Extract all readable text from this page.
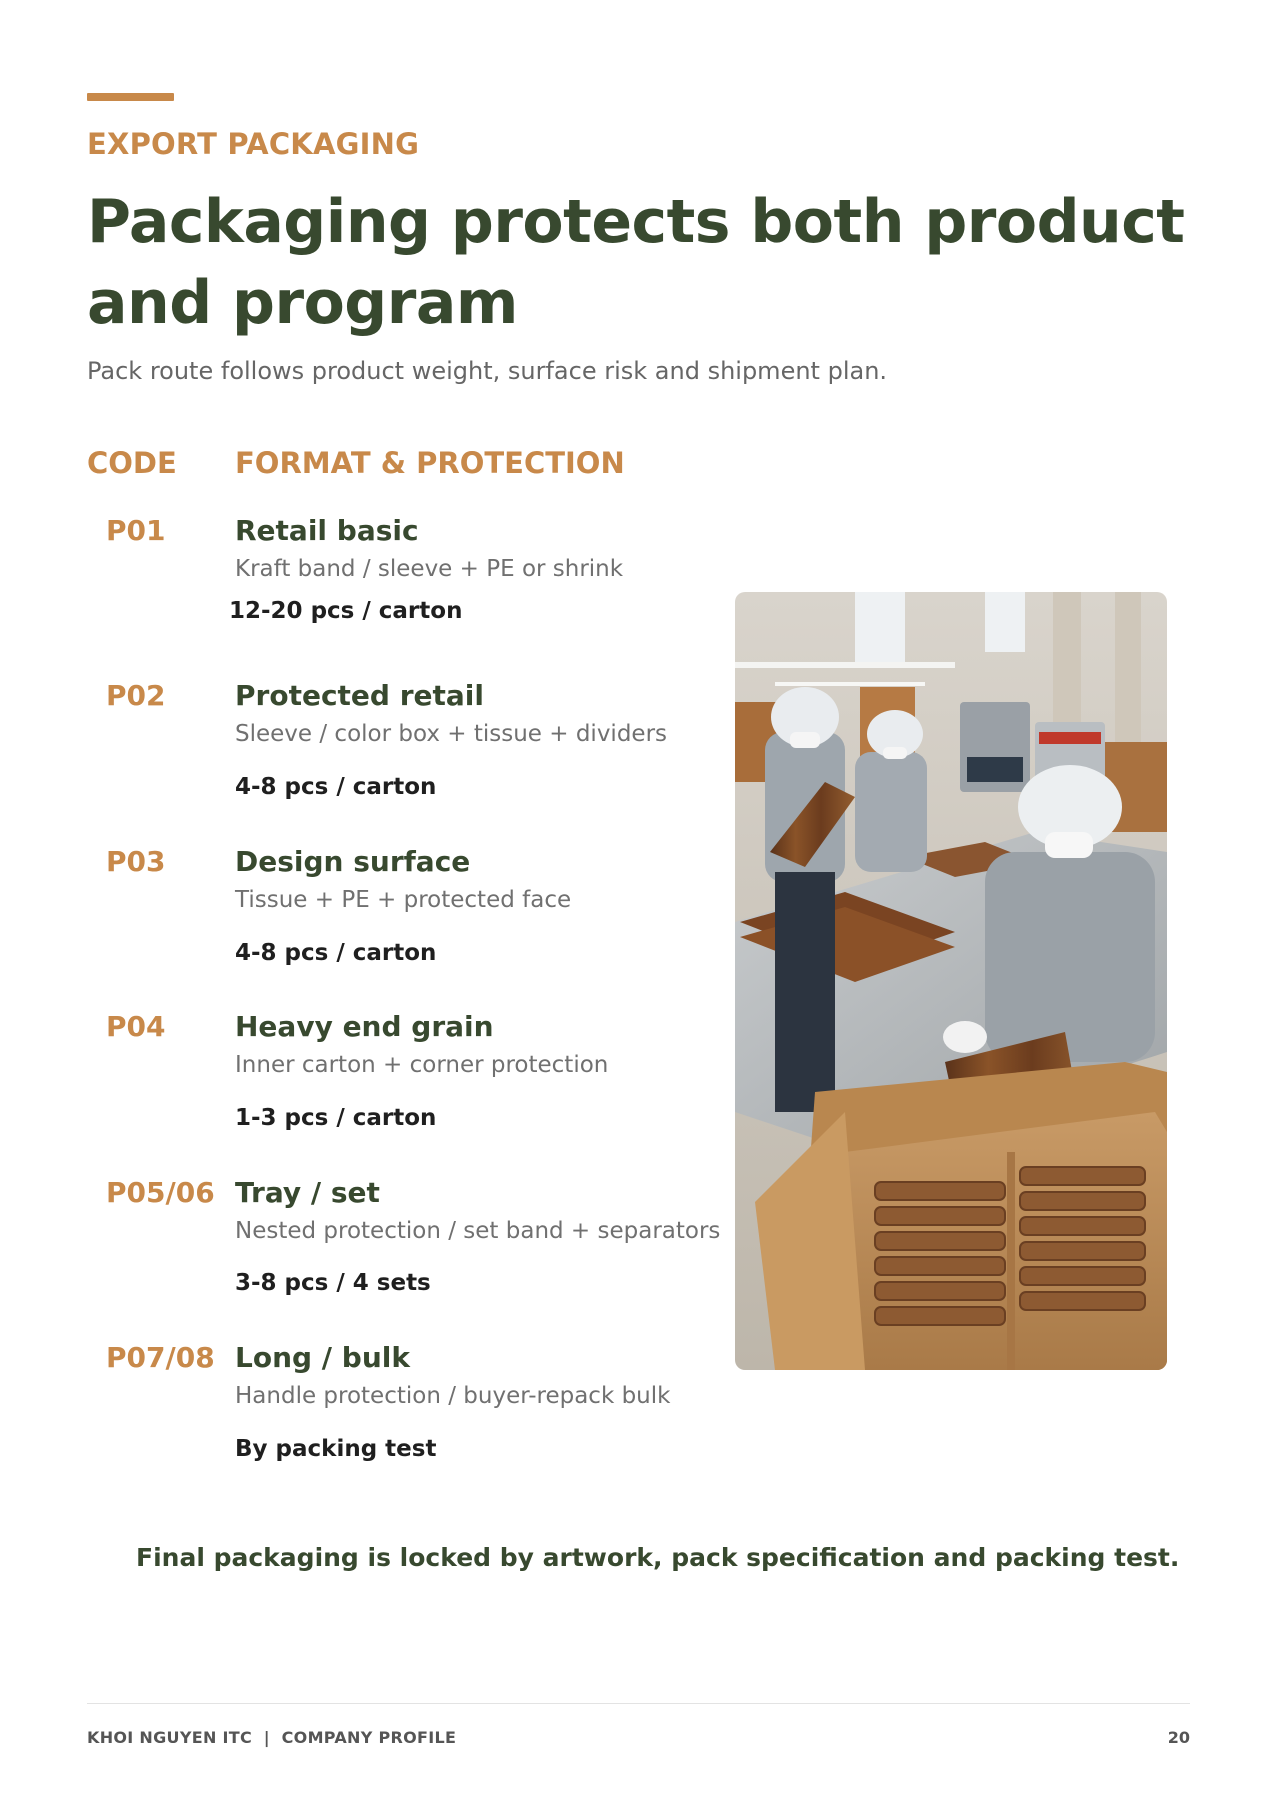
EXPORT PACKAGING

Packaging protects both product and program

Pack route follows product weight, surface risk and shipment plan.

CODE FORMAT & PROTECTION

P01 Retail basic

Kraft band / sleeve + PE or shrink

12-20 pcs / carton

P02 Protected retail

Sleeve / color box + tissue + dividers

4-8 pcs / carton

P03 Design surface

Tissue + PE + protected face

4-8 pcs / carton

P04 Heavy end grain

Inner carton + corner protection

1-3 pcs / carton

P05/06 Tray / set

Nested protection / set band + separators

3-8 pcs / 4 sets

P07/08 Long / bulk

Handle protection / buyer-repack bulk

By packing test

Final packaging is locked by artwork, pack specification and packing test.

KHOI NGUYEN ITC  |  COMPANY PROFILE	20
